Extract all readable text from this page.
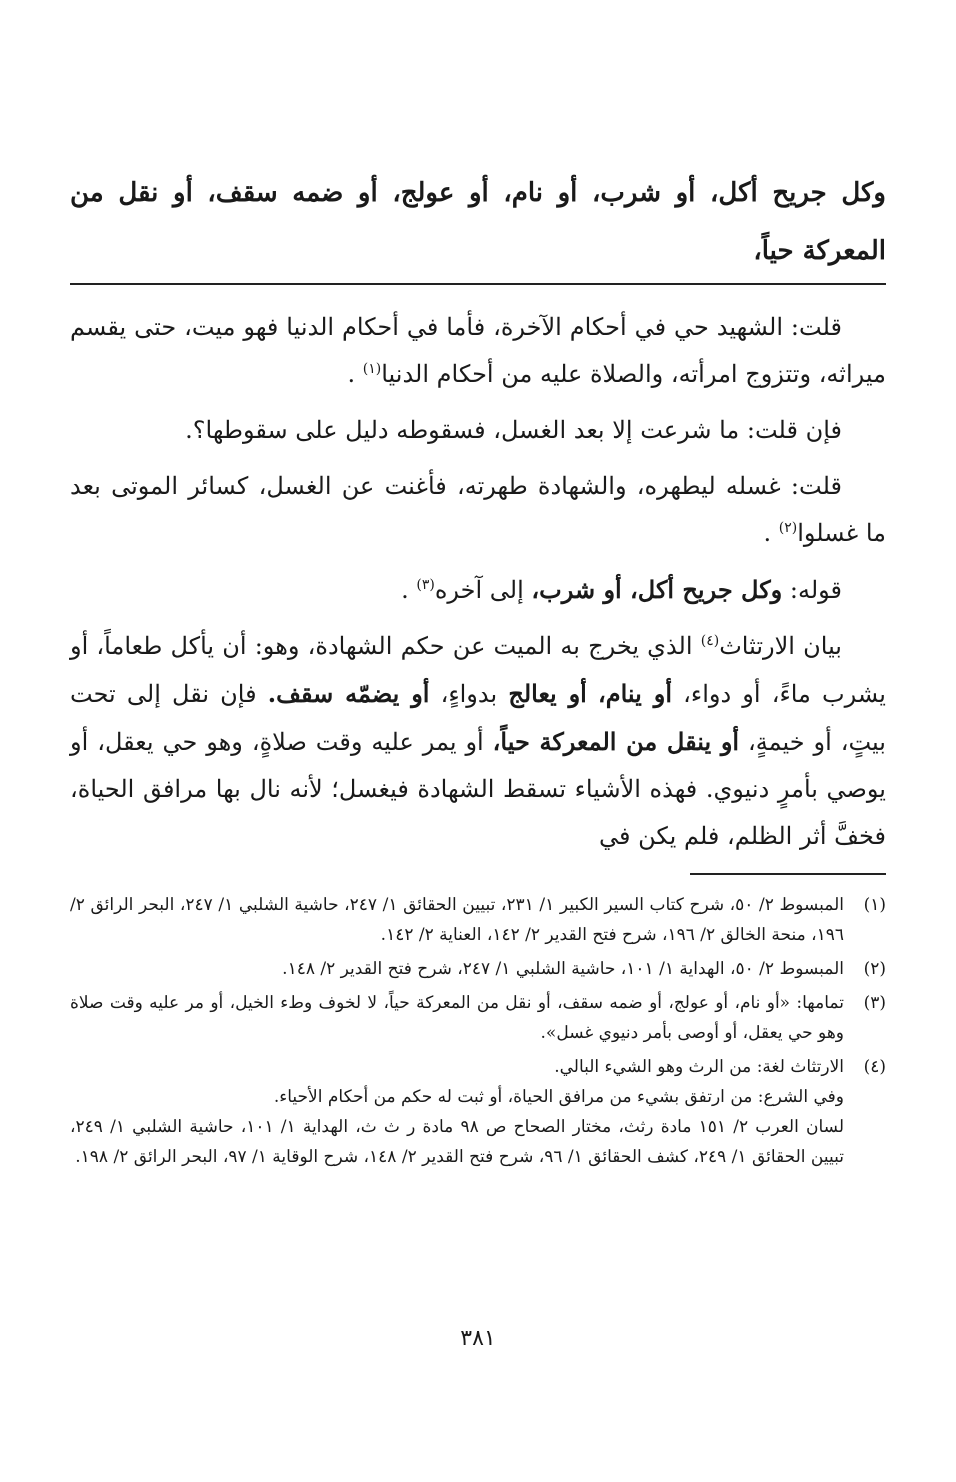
وكل جريح أكل، أو شرب، أو نام، أو عولج، أو ضمه سقف، أو نقل من المعركة حياً،

قلت: الشهيد حي في أحكام الآخرة، فأما في أحكام الدنيا فهو ميت، حتى يقسم ميراثه، وتتزوج امرأته، والصلاة عليه من أحكام الدنيا$^{(١)}$ .

فإن قلت: ما شرعت إلا بعد الغسل، فسقوطه دليل على سقوطها؟.

قلت: غسله ليطهره، والشهادة طهرته، فأغنت عن الغسل، كسائر الموتى بعد ما غسلوا$^{(٢)}$ .

قوله: وكل جريح أكل، أو شرب، إلى آخره$^{(٣)}$ .

بيان الارتثاث$^{(٤)}$ الذي يخرج به الميت عن حكم الشهادة، وهو: أن يأكل طعاماً، أو يشرب ماءً، أو دواء، أو ينام، أو يعالج بدواءٍ، أو يضمّه سقف. فإن نقل إلى تحت بيتٍ، أو خيمةٍ، أو ينقل من المعركة حياً، أو يمر عليه وقت صلاةٍ، وهو حي يعقل، أو يوصي بأمرٍ دنيوي. فهذه الأشياء تسقط الشهادة فيغسل؛ لأنه نال بها مرافق الحياة، فخفَّ أثر الظلم، فلم يكن في

(١)
المبسوط ٢/ ٥٠، شرح كتاب السير الكبير ١/ ٢٣١، تبيين الحقائق ١/ ٢٤٧، حاشية الشلبي ١/ ٢٤٧، البحر الرائق ٢/ ١٩٦، منحة الخالق ٢/ ١٩٦، شرح فتح القدير ٢/ ١٤٢، العناية ٢/ ١٤٢.
(٢)
المبسوط ٢/ ٥٠، الهداية ١/ ١٠١، حاشية الشلبي ١/ ٢٤٧، شرح فتح القدير ٢/ ١٤٨.
(٣)
تمامها: «أو نام، أو عولج، أو ضمه سقف، أو نقل من المعركة حياً، لا لخوف وطء الخيل، أو مر عليه وقت صلاة وهو حي يعقل، أو أوصى بأمر دنيوي غسل».
(٤)
الارتثاث لغة: من الرث وهو الشيء البالي.
وفي الشرع: من ارتفق بشيء من مرافق الحياة، أو ثبت له حكم من أحكام الأحياء.
لسان العرب ٢/ ١٥١ مادة رثث، مختار الصحاح ص ٩٨ مادة ر ث ث، الهداية ١/ ١٠١، حاشية الشلبي ١/ ٢٤٩، تبيين الحقائق ١/ ٢٤٩، كشف الحقائق ١/ ٩٦، شرح فتح القدير ٢/ ١٤٨، شرح الوقاية ١/ ٩٧، البحر الرائق ٢/ ١٩٨.
٣٨١
